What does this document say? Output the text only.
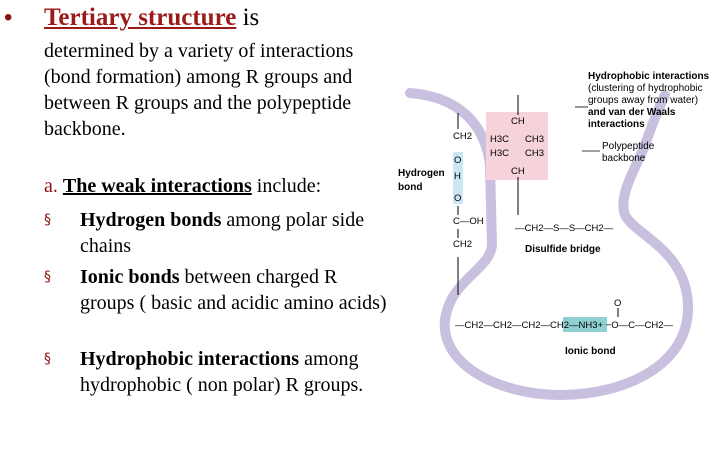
• Tertiary structure is
determined by a variety of interactions (bond formation) among R groups and between R groups and the polypeptide backbone.
a. The weak interactions include:
§	Hydrogen bonds among polar side chains
§	Ionic bonds between charged R groups ( basic and acidic amino acids)
§	Hydrophobic interactions among hydrophobic ( non polar) R groups.
Hydrophobic interactions
(clustering of hydrophobic
groups away from water)
and van der Waals
interactions
Polypeptide
backbone
Hydrogen
bond
Disulfide bridge
Ionic bond
CH
H3C CH3
H3C CH3
CH
CH2
O
H
O
C—OH
CH2
—CH2—S—S—CH2—
O
—CH2—CH2—CH2—CH2—NH3+ −O—C—CH2—
